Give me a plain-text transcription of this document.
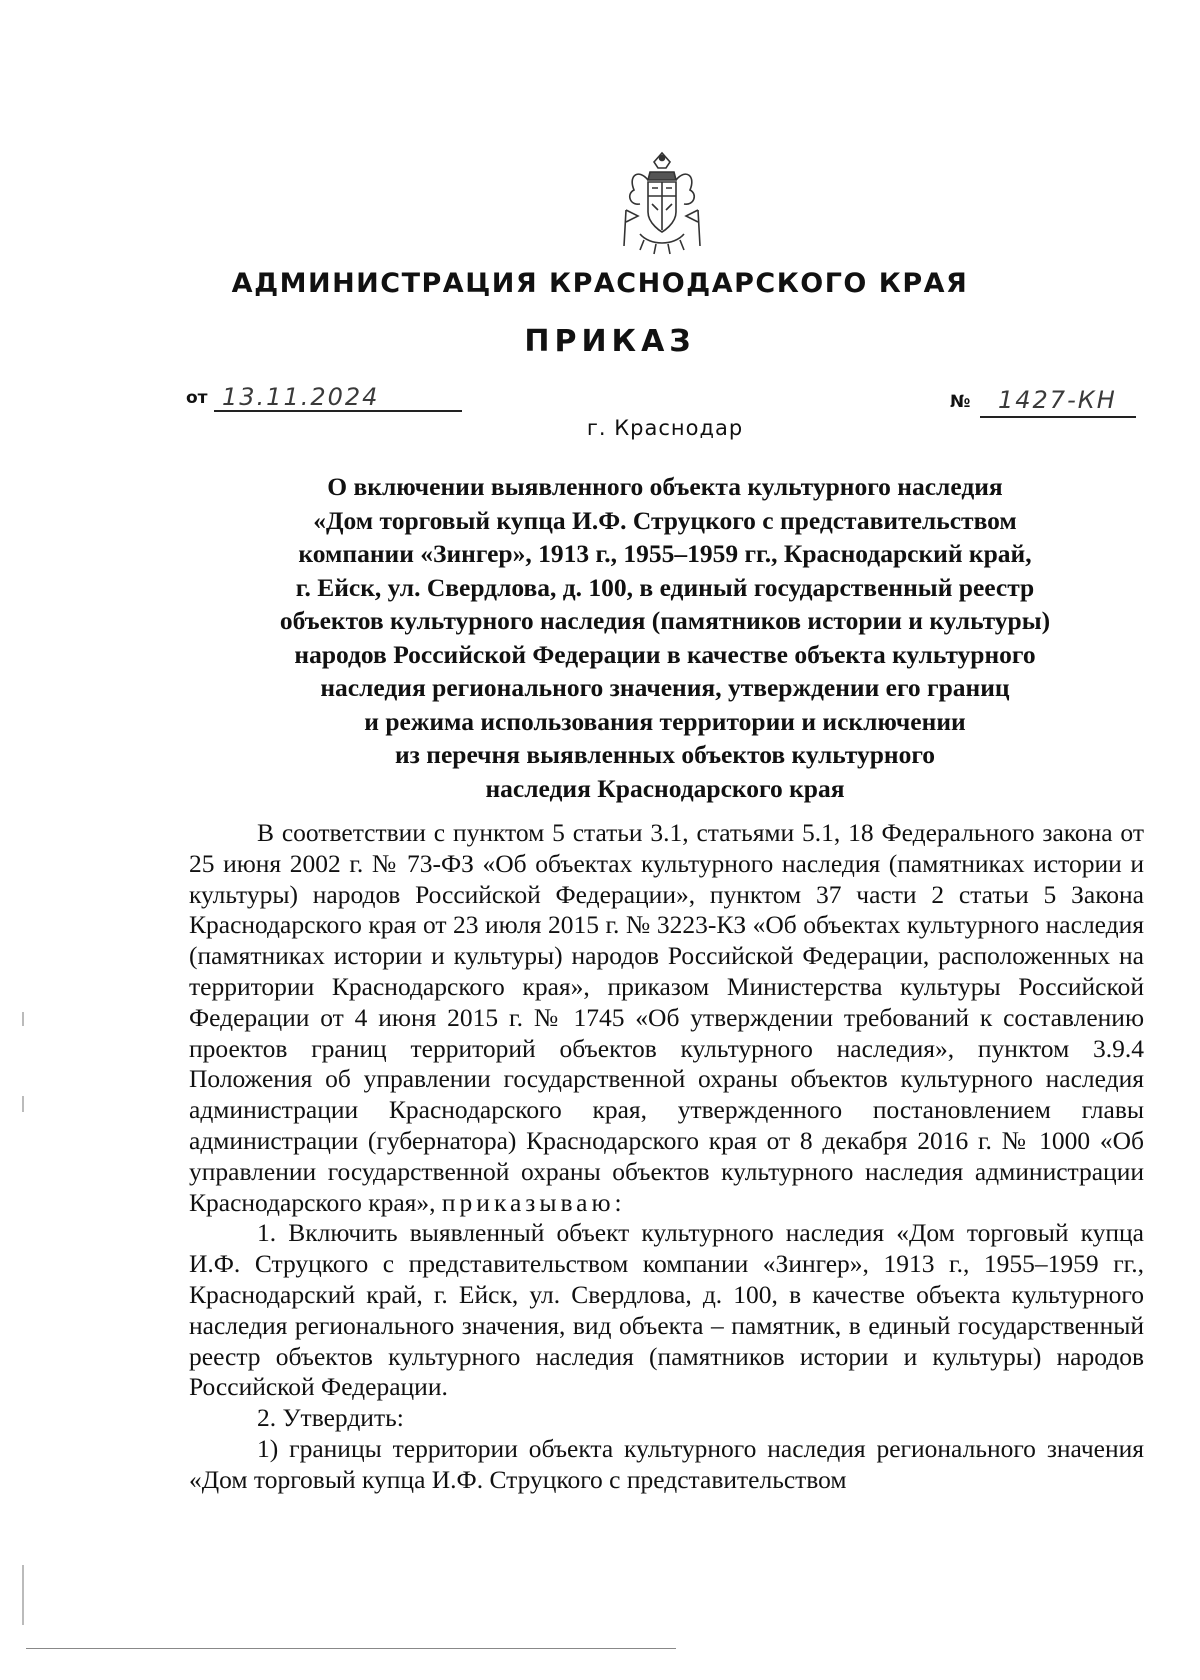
АДМИНИСТРАЦИЯ КРАСНОДАРСКОГО КРАЯ
ПРИКАЗ
от 13.11.2024	№ 1427-КН
г. Краснодар
О включении выявленного объекта культурного наследия
«Дом торговый купца И.Ф. Струцкого с представительством
компании «Зингер», 1913 г., 1955–1959 гг., Краснодарский край,
г. Ейск, ул. Свердлова, д. 100, в единый государственный реестр
объектов культурного наследия (памятников истории и культуры)
народов Российской Федерации в качестве объекта культурного
наследия регионального значения, утверждении его границ
и режима использования территории и исключении
из перечня выявленных объектов культурного
наследия Краснодарского края

В соответствии с пунктом 5 статьи 3.1, статьями 5.1, 18 Федерального закона от 25 июня 2002 г. № 73-ФЗ «Об объектах культурного наследия (памятниках истории и культуры) народов Российской Федерации», пунктом 37 части 2 статьи 5 Закона Краснодарского края от 23 июля 2015 г. № 3223-КЗ «Об объектах культурного наследия (памятниках истории и культуры) народов Российской Федерации, расположенных на территории Краснодарского края», приказом Министерства культуры Российской Федерации от 4 июня 2015 г. № 1745 «Об утверждении требований к составлению проектов границ территорий объектов культурного наследия», пунктом 3.9.4 Положения об управлении государственной охраны объектов культурного наследия администрации Краснодарского края, утвержденного постановлением главы администрации (губернатора) Краснодарского края от 8 декабря 2016 г. № 1000 «Об управлении государственной охраны объектов культурного наследия администрации Краснодарского края», приказываю:

1. Включить выявленный объект культурного наследия «Дом торговый купца И.Ф. Струцкого с представительством компании «Зингер», 1913 г., 1955–1959 гг., Краснодарский край, г. Ейск, ул. Свердлова, д. 100, в качестве объекта культурного наследия регионального значения, вид объекта – памятник, в единый государственный реестр объектов культурного наследия (памятников истории и культуры) народов Российской Федерации.

2. Утвердить:

1) границы территории объекта культурного наследия регионального значения «Дом торговый купца И.Ф. Струцкого с представительством
